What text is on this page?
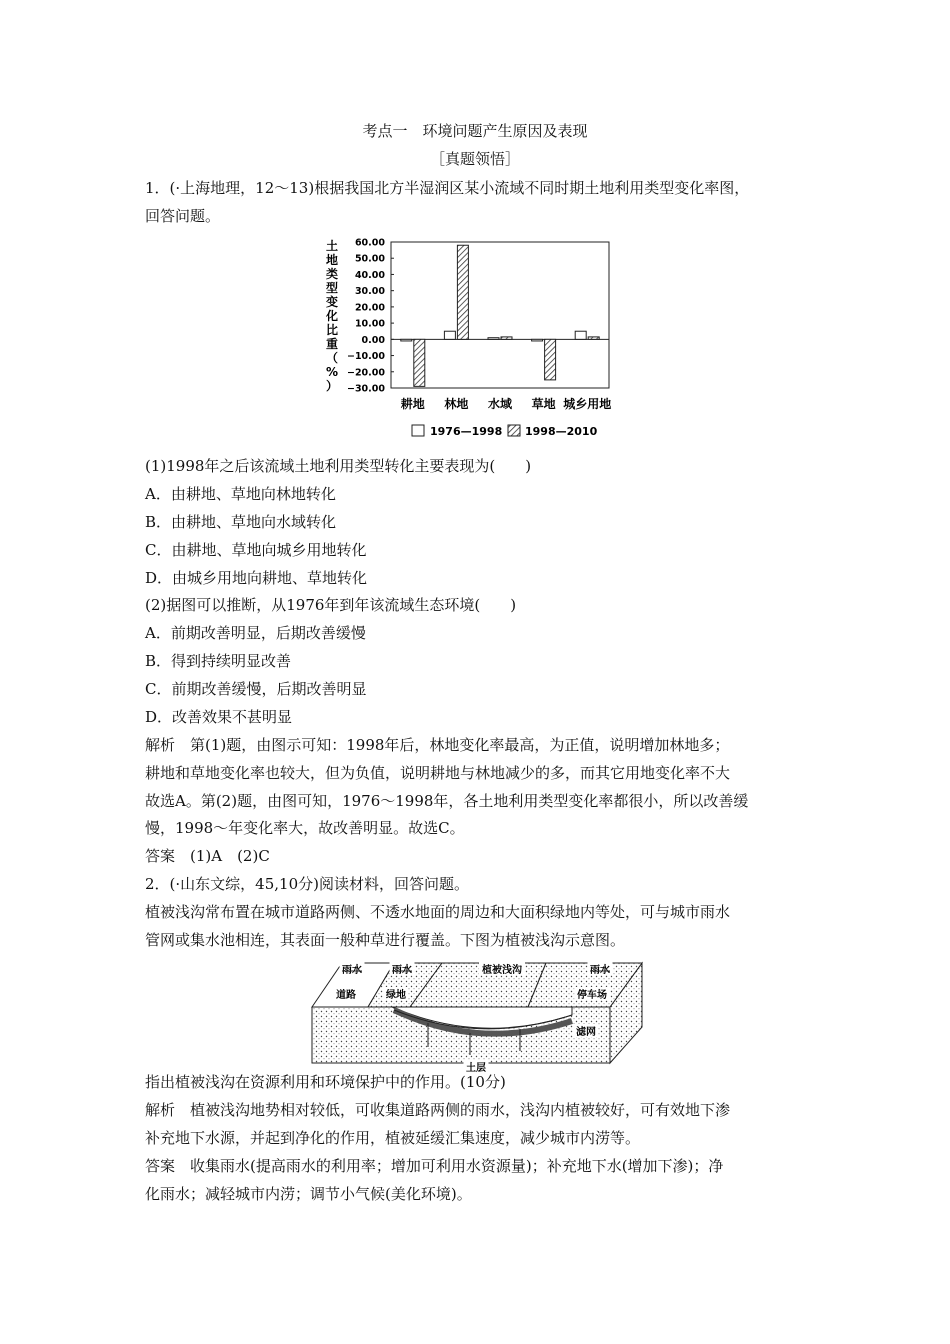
考点一　环境问题产生原因及表现
［真题领悟］
1．(·上海地理，12～13)根据我国北方半湿润区某小流域不同时期土地利用类型变化率图，
回答问题。
土
地
类
型
变
化
比
重
（
%
）
60.00
50.00
40.00
30.00
20.00
10.00
0.00
−10.00
−20.00
−30.00
耕地 林地 水域 草地 城乡用地
1976—1998 1998—2010
(1)1998年之后该流域土地利用类型转化主要表现为(　　)
A．由耕地、草地向林地转化
B．由耕地、草地向水域转化
C．由耕地、草地向城乡用地转化
D．由城乡用地向耕地、草地转化
(2)据图可以推断，从1976年到年该流域生态环境(　　)
A．前期改善明显，后期改善缓慢
B．得到持续明显改善
C．前期改善缓慢，后期改善明显
D．改善效果不甚明显
解析　第(1)题，由图示可知：1998年后，林地变化率最高，为正值，说明增加林地多；
耕地和草地变化率也较大，但为负值，说明耕地与林地减少的多，而其它用地变化率不大
故选A。第(2)题，由图可知，1976～1998年，各土地利用类型变化率都很小，所以改善缓
慢，1998～年变化率大，故改善明显。故选C。
答案　(1)A　(2)C
2．(·山东文综，45,10分)阅读材料，回答问题。
植被浅沟常布置在城市道路两侧、不透水地面的周边和大面积绿地内等处，可与城市雨水
管网或集水池相连，其表面一般种草进行覆盖。下图为植被浅沟示意图。
雨水	雨水	植被浅沟	雨水
道路	绿地	停车场
滤网
土层
指出植被浅沟在资源利用和环境保护中的作用。(10分)
解析　植被浅沟地势相对较低，可收集道路两侧的雨水，浅沟内植被较好，可有效地下渗
补充地下水源，并起到净化的作用，植被延缓汇集速度，减少城市内涝等。
答案　收集雨水(提高雨水的利用率；增加可利用水资源量)；补充地下水(增加下渗)；净
化雨水；减轻城市内涝；调节小气候(美化环境)。
